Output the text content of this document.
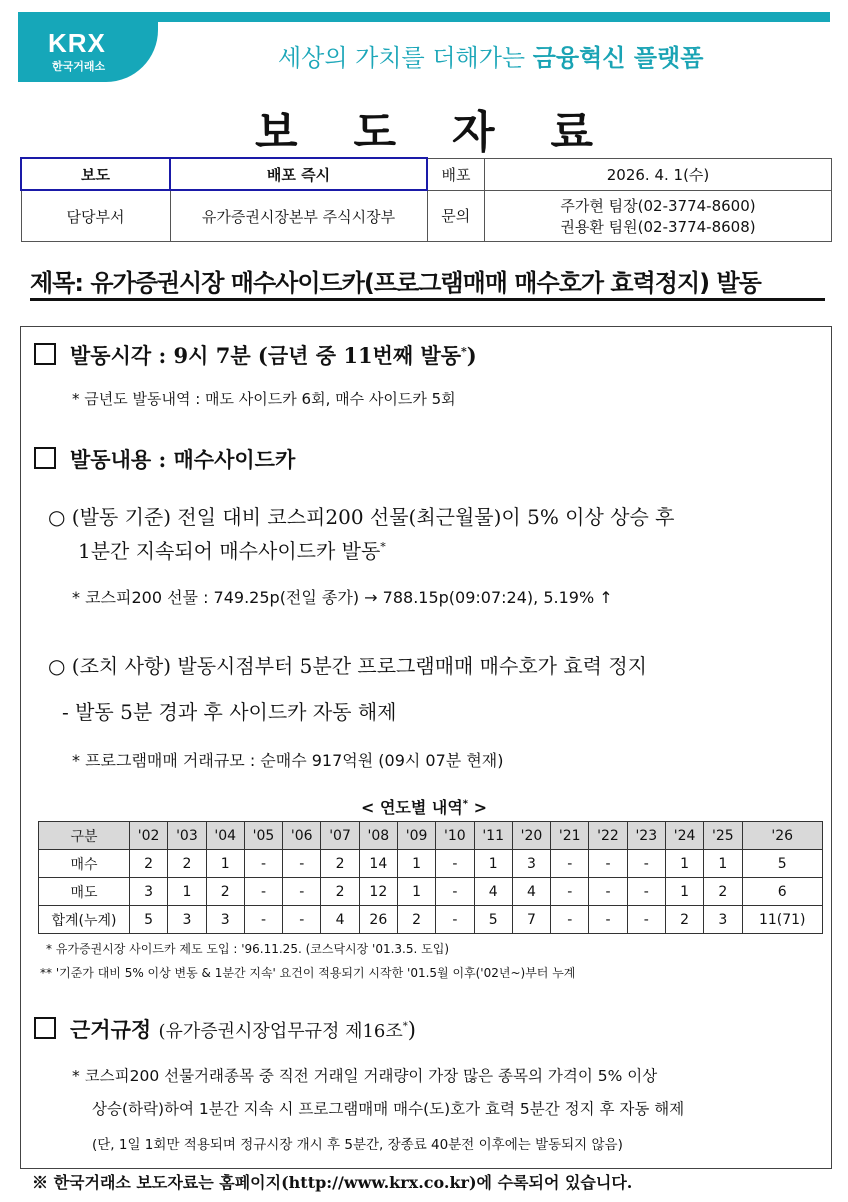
KRX
한국거래소	세상의 가치를 더해가는 금융혁신 플랫폼
보 도 자 료
보도	배포 즉시	배포	2026. 4. 1(수)
담당부서	유가증권시장본부 주식시장부	문의	주가현 팀장(02-3774-8600)
권용환 팀원(02-3774-8608)
제목: 유가증권시장 매수사이드카(프로그램매매 매수호가 효력정지) 발동
발동시각 : 9시 7분 (금년 중 11번째 발동*)
* 금년도 발동내역 : 매도 사이드카 6회, 매수 사이드카 5회
발동내용 : 매수사이드카
○ (발동 기준) 전일 대비 코스피200 선물(최근월물)이 5% 이상 상승 후
1분간 지속되어 매수사이드카 발동*
* 코스피200 선물 : 749.25p(전일 종가) → 788.15p(09:07:24), 5.19% ↑
○ (조치 사항) 발동시점부터 5분간 프로그램매매 매수호가 효력 정지
- 발동 5분 경과 후 사이드카 자동 해제
* 프로그램매매 거래규모 : 순매수 917억원 (09시 07분 현재)
< 연도별 내역* >
구분	'02	'03	'04	'05	'06	'07	'08	'09	'10	'11	'20	'21	'22	'23	'24	'25	'26
매수	2	2	1	-	-	2	14	1	-	1	3	-	-	-	1	1	5
매도	3	1	2	-	-	2	12	1	-	4	4	-	-	-	1	2	6
합계(누계)	5	3	3	-	-	4	26	2	-	5	7	-	-	-	2	3	11(71)
* 유가증권시장 사이드카 제도 도입 : '96.11.25. (코스닥시장 '01.3.5. 도입)
** '기준가 대비 5% 이상 변동 & 1분간 지속' 요건이 적용되기 시작한 '01.5월 이후('02년~)부터 누계
근거규정 (유가증권시장업무규정 제16조*)
* 코스피200 선물거래종목 중 직전 거래일 거래량이 가장 많은 종목의 가격이 5% 이상
상승(하락)하여 1분간 지속 시 프로그램매매 매수(도)호가 효력 5분간 정지 후 자동 해제
(단, 1일 1회만 적용되며 정규시장 개시 후 5분간, 장종료 40분전 이후에는 발동되지 않음)
※ 한국거래소 보도자료는 홈페이지(http://www.krx.co.kr)에 수록되어 있습니다.
